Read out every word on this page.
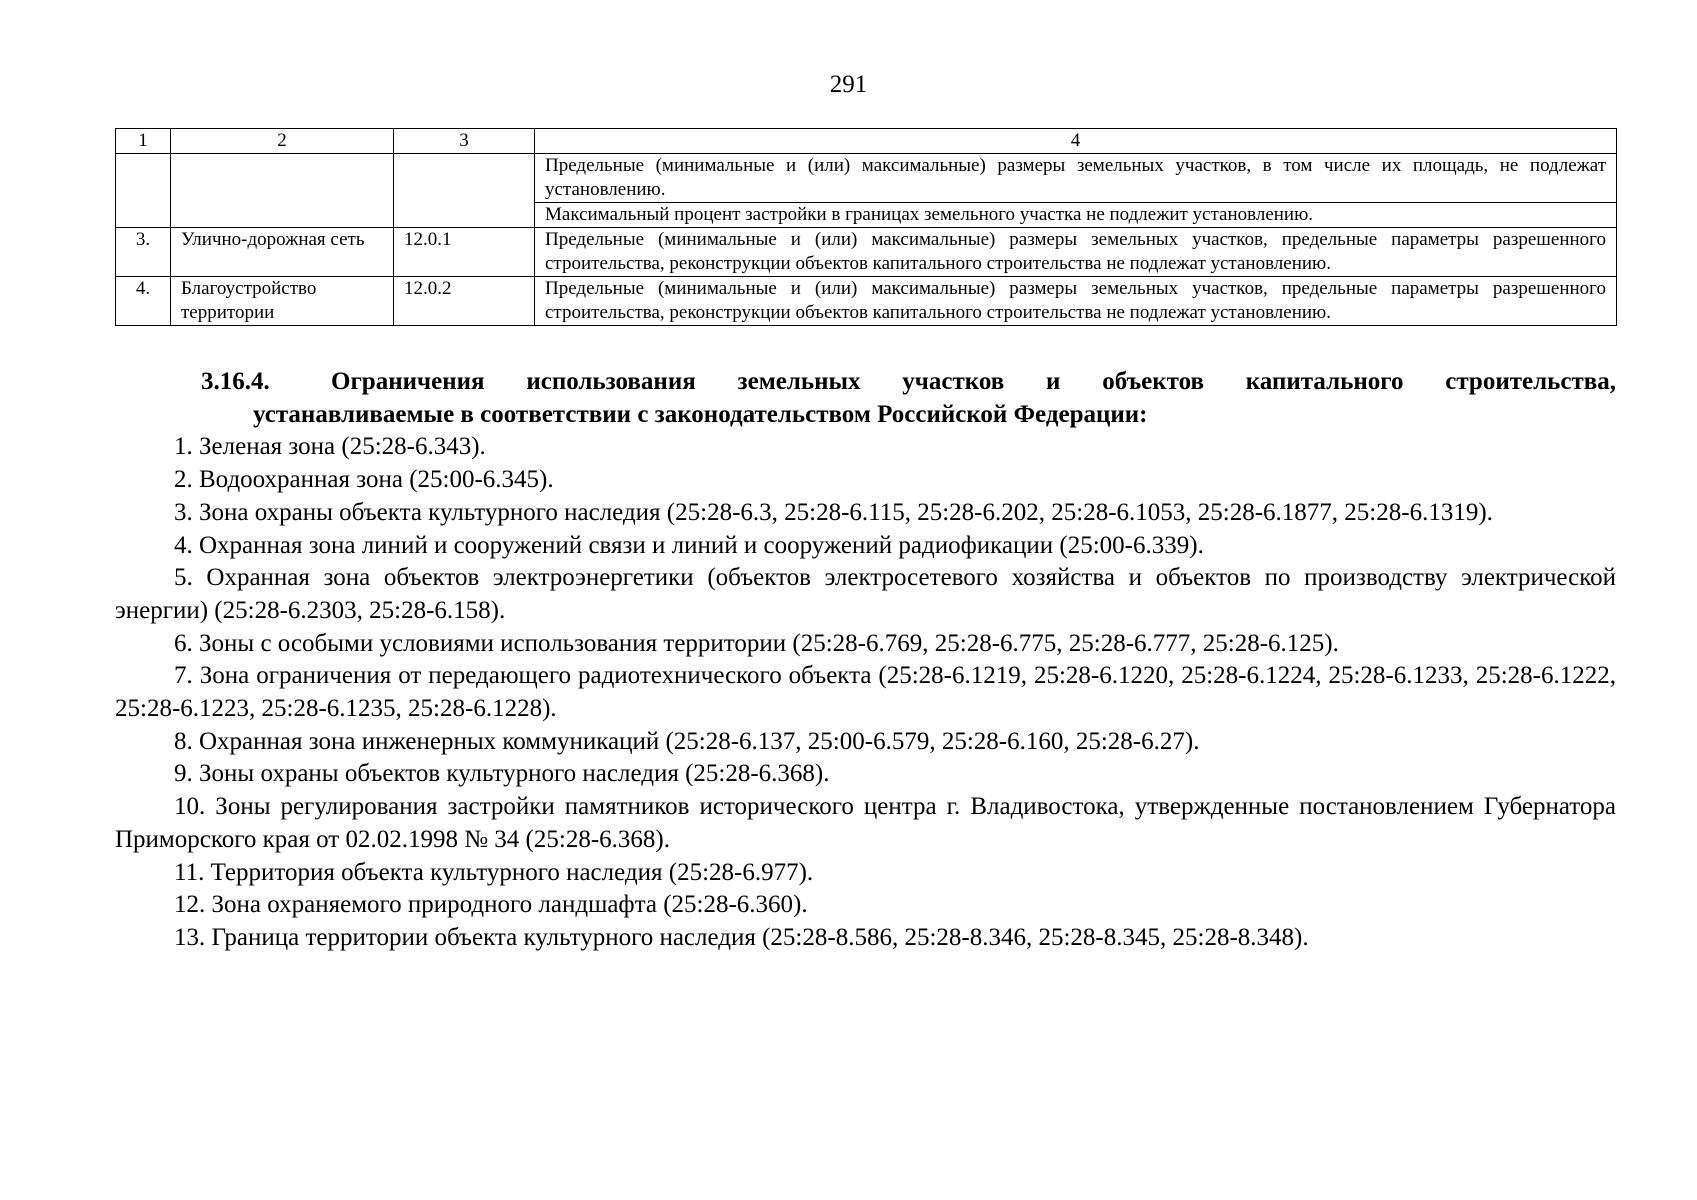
291
1	2	3	4
			Предельные (минимальные и (или) максимальные) размеры земельных участков, в том числе их площадь, не подлежат установлению.
			Максимальный процент застройки в границах земельного участка не подлежит установлению.
3.	Улично-дорожная сеть	12.0.1	Предельные (минимальные и (или) максимальные) размеры земельных участков, предельные параметры разрешенного строительства, реконструкции объектов капитального строительства не подлежат установлению.
4.	Благоустройство территории	12.0.2	Предельные (минимальные и (или) максимальные) размеры земельных участков, предельные параметры разрешенного строительства, реконструкции объектов капитального строительства не подлежат установлению.

3.16.4. Ограничения использования земельных участков и объектов капитального строительства,

устанавливаемые в соответствии с законодательством Российской Федерации:

1. Зеленая зона (25:28-6.343).

2. Водоохранная зона (25:00-6.345).

3. Зона охраны объекта культурного наследия (25:28-6.3, 25:28-6.115, 25:28-6.202, 25:28-6.1053, 25:28-6.1877, 25:28-6.1319).

4. Охранная зона линий и сооружений связи и линий и сооружений радиофикации (25:00-6.339).

5. Охранная зона объектов электроэнергетики (объектов электросетевого хозяйства и объектов по производству электрической энергии) (25:28-6.2303, 25:28-6.158).

6. Зоны с особыми условиями использования территории (25:28-6.769, 25:28-6.775, 25:28-6.777, 25:28-6.125).

7. Зона ограничения от передающего радиотехнического объекта (25:28-6.1219, 25:28-6.1220, 25:28-6.1224, 25:28-6.1233, 25:28-6.1222, 25:28-6.1223, 25:28-6.1235, 25:28-6.1228).

8. Охранная зона инженерных коммуникаций (25:28-6.137, 25:00-6.579, 25:28-6.160, 25:28-6.27).

9. Зоны охраны объектов культурного наследия (25:28-6.368).

10. Зоны регулирования застройки памятников исторического центра г. Владивостока, утвержденные постановлением Губернатора Приморского края от 02.02.1998 № 34 (25:28-6.368).

11. Территория объекта культурного наследия (25:28-6.977).

12. Зона охраняемого природного ландшафта (25:28-6.360).

13. Граница территории объекта культурного наследия (25:28-8.586, 25:28-8.346, 25:28-8.345, 25:28-8.348).
